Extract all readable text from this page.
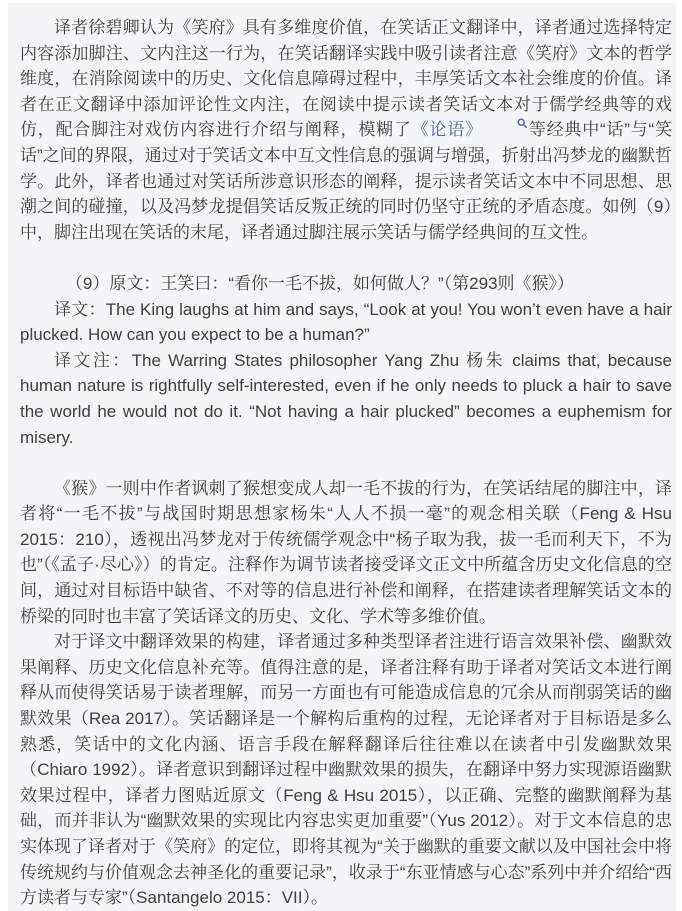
译者徐碧卿认为《笑府》具有多维度价值，在笑话正文翻译中，译者通过选择特定内容添加脚注、文内注这一行为，在笑话翻译实践中吸引读者注意《笑府》文本的哲学维度，在消除阅读中的历史、文化信息障碍过程中，丰厚笑话文本社会维度的价值。译者在正文翻译中添加评论性文内注，在阅读中提示读者笑话文本对于儒学经典等的戏仿，配合脚注对戏仿内容进行介绍与阐释，模糊了《论语》	等经典中“话”与“笑话”之间的界限，通过对于笑话文本中互文性信息的强调与增强，折射出冯梦龙的幽默哲学。此外，译者也通过对笑话所涉意识形态的阐释，提示读者笑话文本中不同思想、思潮之间的碰撞，以及冯梦龙提倡笑话反叛正统的同时仍坚守正统的矛盾态度。如例（9）中，脚注出现在笑话的末尾，译者通过脚注展示笑话与儒学经典间的互文性。

（9）原文：王笑曰：“看你一毛不拔，如何做人？”（第293则《猴》）

译文：The King laughs at him and says, “Look at you! You won’t even have a hair plucked. How can you expect to be a human?”

译文注：The Warring States philosopher Yang Zhu 杨朱 claims that, because human nature is rightfully self-interested, even if he only needs to pluck a hair to save the world he would not do it. “Not having a hair plucked” becomes a euphemism for misery.

《猴》一则中作者讽刺了猴想变成人却一毛不拔的行为，在笑话结尾的脚注中，译者将“一毛不拔”与战国时期思想家杨朱“人人不损一毫”的观念相关联（Feng & Hsu 2015：210），透视出冯梦龙对于传统儒学观念中“杨子取为我，拔一毛而利天下，不为也”（《孟子·尽心》）的肯定。注释作为调节读者接受译文正文中所蕴含历史文化信息的空间，通过对目标语中缺省、不对等的信息进行补偿和阐释，在搭建读者理解笑话文本的桥梁的同时也丰富了笑话译文的历史、文化、学术等多维价值。

对于译文中翻译效果的构建，译者通过多种类型译者注进行语言效果补偿、幽默效果阐释、历史文化信息补充等。值得注意的是，译者注释有助于译者对笑话文本进行阐释从而使得笑话易于读者理解，而另一方面也有可能造成信息的冗余从而削弱笑话的幽默效果（Rea 2017）。笑话翻译是一个解构后重构的过程，无论译者对于目标语是多么熟悉，笑话中的文化内涵、语言手段在解释翻译后往往难以在读者中引发幽默效果（Chiaro 1992）。译者意识到翻译过程中幽默效果的损失，在翻译中努力实现源语幽默效果过程中，译者力图贴近原文（Feng & Hsu 2015），以正确、完整的幽默阐释为基础，而并非认为“幽默效果的实现比内容忠实更加重要”（Yus 2012）。对于文本信息的忠实体现了译者对于《笑府》的定位，即将其视为“关于幽默的重要文献以及中国社会中将传统规约与价值观念去神圣化的重要记录”，收录于“东亚情感与心态”系列中并介绍给“西方读者与专家”（Santangelo 2015：VII）。
